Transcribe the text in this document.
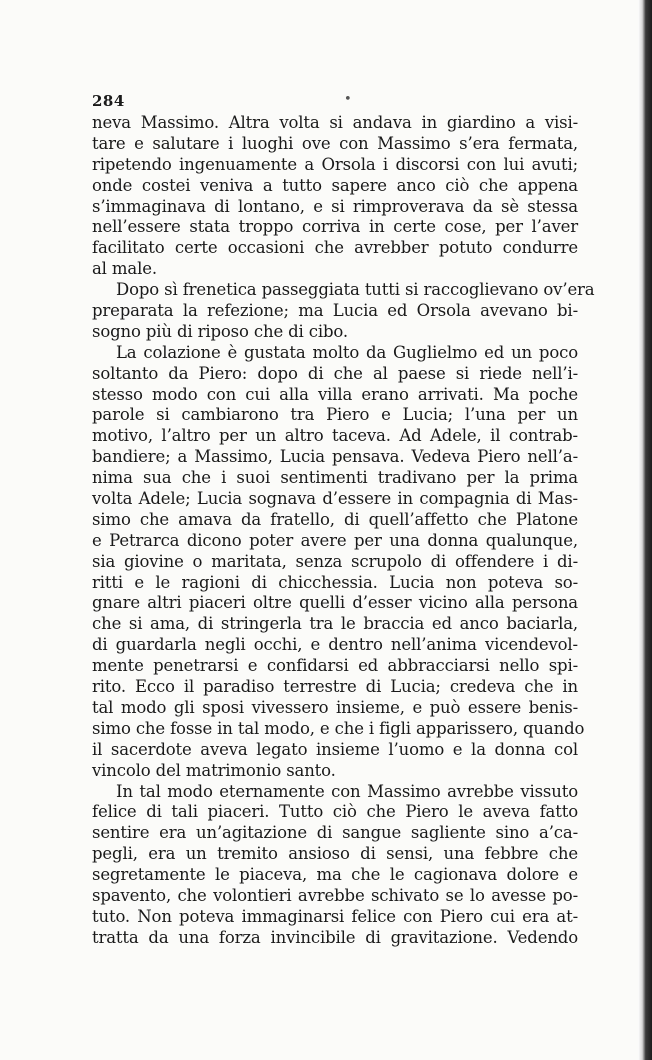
284	•
neva Massimo. Altra volta si andava in giardino a visi-
tare e salutare i luoghi ove con Massimo s’era fermata,
ripetendo ingenuamente a Orsola i discorsi con lui avuti;
onde costei veniva a tutto sapere anco ciò che appena
s’immaginava di lontano, e si rimproverava da sè stessa
nell’essere stata troppo corriva in certe cose, per l’aver
facilitato certe occasioni che avrebber potuto condurre
al male.
Dopo sì frenetica passeggiata tutti si raccoglievano ov’era
preparata la refezione; ma Lucia ed Orsola avevano bi-
sogno più di riposo che di cibo.
La colazione è gustata molto da Guglielmo ed un poco
soltanto da Piero: dopo di che al paese si riede nell’i-
stesso modo con cui alla villa erano arrivati. Ma poche
parole si cambiarono tra Piero e Lucia; l’una per un
motivo, l’altro per un altro taceva. Ad Adele, il contrab-
bandiere; a Massimo, Lucia pensava. Vedeva Piero nell’a-
nima sua che i suoi sentimenti tradivano per la prima
volta Adele; Lucia sognava d’essere in compagnia di Mas-
simo che amava da fratello, di quell’affetto che Platone
e Petrarca dicono poter avere per una donna qualunque,
sia giovine o maritata, senza scrupolo di offendere i di-
ritti e le ragioni di chicchessia. Lucia non poteva so-
gnare altri piaceri oltre quelli d’esser vicino alla persona
che si ama, di stringerla tra le braccia ed anco baciarla,
di guardarla negli occhi, e dentro nell’anima vicendevol-
mente penetrarsi e confidarsi ed abbracciarsi nello spi-
rito. Ecco il paradiso terrestre di Lucia; credeva che in
tal modo gli sposi vivessero insieme, e può essere benis-
simo che fosse in tal modo, e che i figli apparissero, quando
il sacerdote aveva legato insieme l’uomo e la donna col
vincolo del matrimonio santo.
In tal modo eternamente con Massimo avrebbe vissuto
felice di tali piaceri. Tutto ciò che Piero le aveva fatto
sentire era un’agitazione di sangue sagliente sino a’ca-
pegli, era un tremito ansioso di sensi, una febbre che
segretamente le piaceva, ma che le cagionava dolore e
spavento, che volontieri avrebbe schivato se lo avesse po-
tuto. Non poteva immaginarsi felice con Piero cui era at-
tratta da una forza invincibile di gravitazione. Vedendo
